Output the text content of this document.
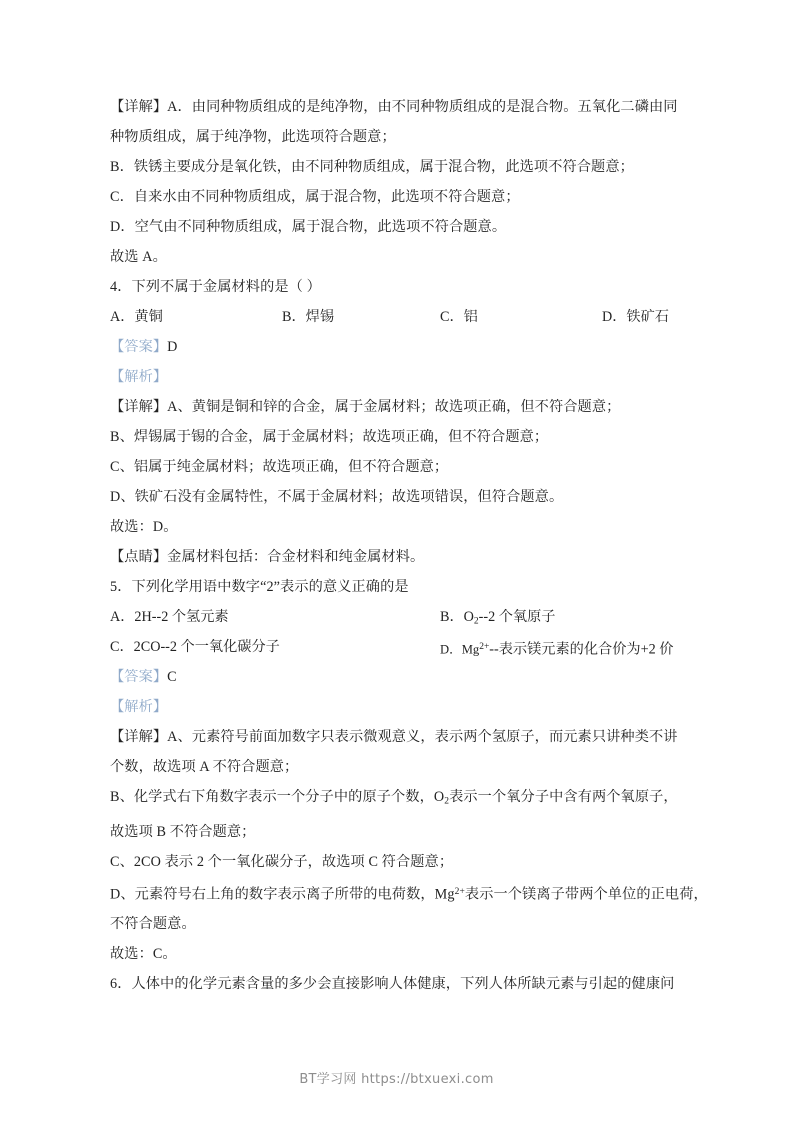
【详解】A．由同种物质组成的是纯净物，由不同种物质组成的是混合物。五氧化二磷由同
种物质组成，属于纯净物，此选项符合题意；
B．铁锈主要成分是氧化铁，由不同种物质组成，属于混合物，此选项不符合题意；
C．自来水由不同种物质组成，属于混合物，此选项不符合题意；
D．空气由不同种物质组成，属于混合物，此选项不符合题意。
故选 A。
4．下列不属于金属材料的是（ ）
A．黄铜	B．焊锡	C．铝	D．铁矿石
【答案】D
【解析】
【详解】A、黄铜是铜和锌的合金，属于金属材料；故选项正确，但不符合题意；
B、焊锡属于锡的合金，属于金属材料；故选项正确，但不符合题意；
C、铝属于纯金属材料；故选项正确，但不符合题意；
D、铁矿石没有金属特性，不属于金属材料；故选项错误，但符合题意。
故选：D。
【点睛】金属材料包括：合金材料和纯金属材料。
5．下列化学用语中数字“2”表示的意义正确的是
A．2H--2 个氢元素	B．$O_2--2$ 个氧原子
C．2CO--2 个一氧化碳分子	D．$Mg^{2+}--$表示镁元素的化合价为+2 价
【答案】C
【解析】
【详解】A、元素符号前面加数字只表示微观意义，表示两个氢原子，而元素只讲种类不讲
个数，故选项 A 不符合题意；
B、化学式右下角数字表示一个分子中的原子个数，$O_2$表示一个氧分子中含有两个氧原子，
故选项 B 不符合题意；
C、2CO 表示 2 个一氧化碳分子，故选项 C 符合题意；
D、元素符号右上角的数字表示离子所带的电荷数，$Mg^{2+}$表示一个镁离子带两个单位的正电荷，
不符合题意。
故选：C。
6．人体中的化学元素含量的多少会直接影响人体健康，下列人体所缺元素与引起的健康问
BT学习网 https://btxuexi.com
